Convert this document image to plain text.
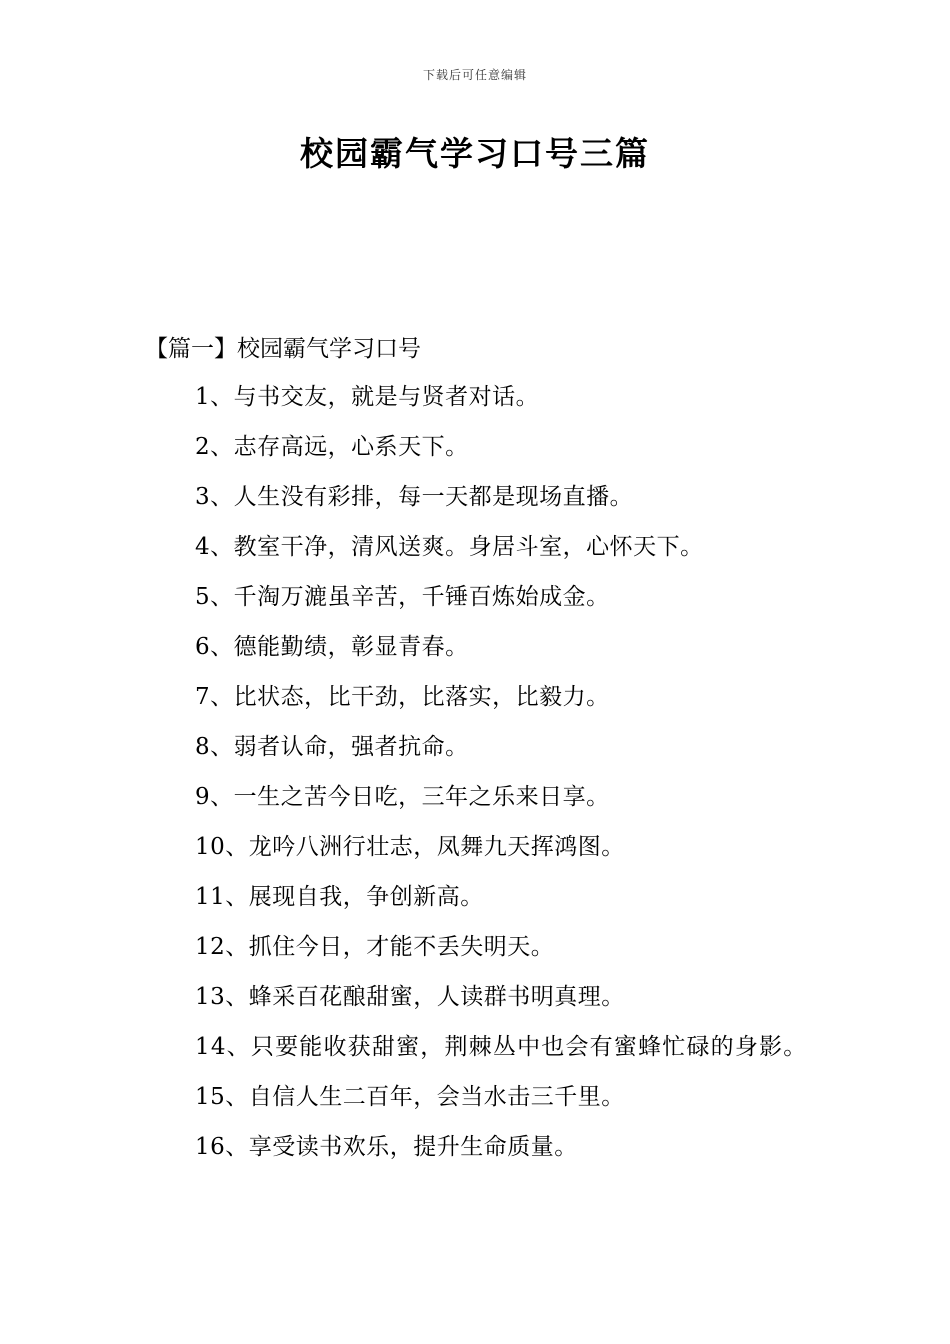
下载后可任意编辑
校园霸气学习口号三篇
【篇一】校园霸气学习口号
1、与书交友，就是与贤者对话。
2、志存高远，心系天下。
3、人生没有彩排，每一天都是现场直播。
4、教室干净，清风送爽。身居斗室，心怀天下。
5、千淘万漉虽辛苦，千锤百炼始成金。
6、德能勤绩，彰显青春。
7、比状态，比干劲，比落实，比毅力。
8、弱者认命，强者抗命。
9、一生之苦今日吃，三年之乐来日享。
10、龙吟八洲行壮志，凤舞九天挥鸿图。
11、展现自我，争创新高。
12、抓住今日，才能不丢失明天。
13、蜂采百花酿甜蜜，人读群书明真理。
14、只要能收获甜蜜，荆棘丛中也会有蜜蜂忙碌的身影。
15、自信人生二百年，会当水击三千里。
16、享受读书欢乐，提升生命质量。
